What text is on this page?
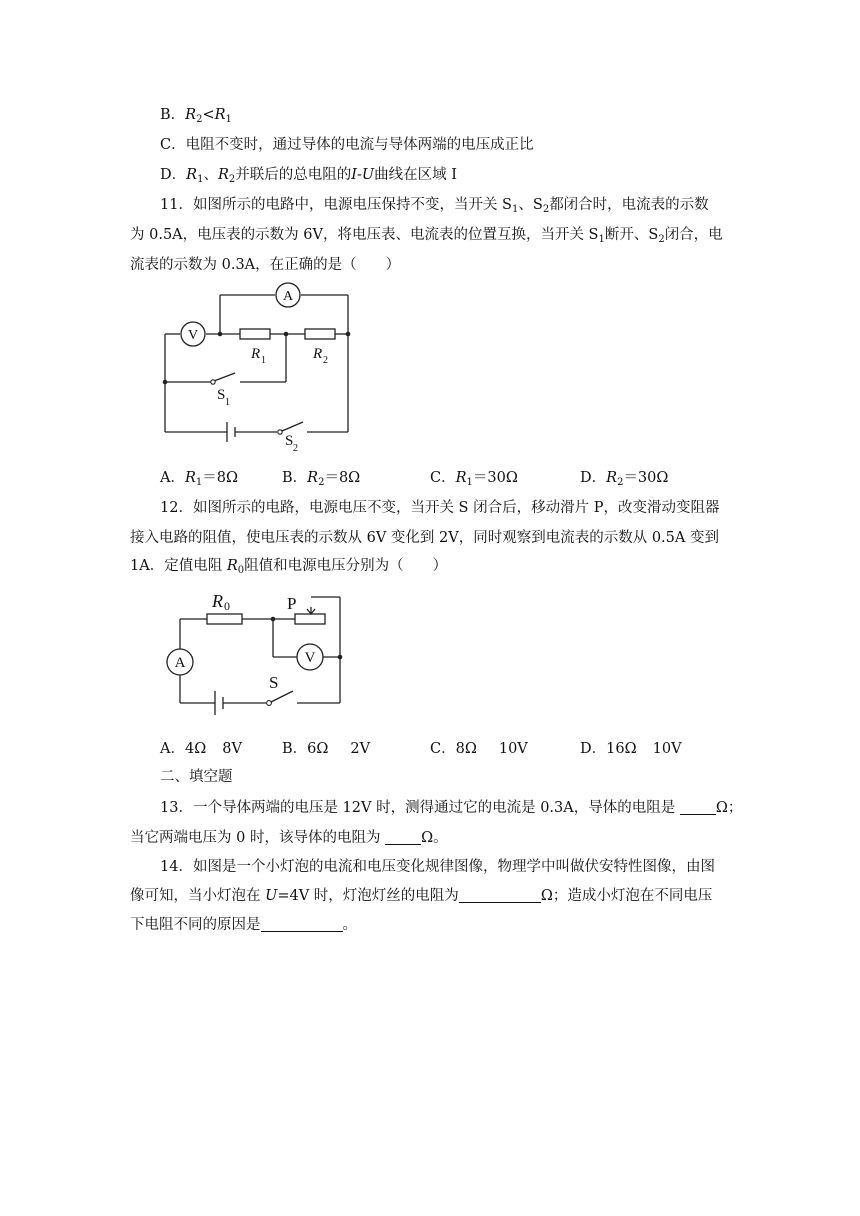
B．$R_2<R_1$
C．电阻不变时，通过导体的电流与导体两端的电压成正比
D．$R_1$、$R_2$并联后的总电阻的I-U曲线在区域 I
11．如图所示的电路中，电源电压保持不变，当开关 $S_1$、$S_2$都闭合时，电流表的示数
为 0.5A，电压表的示数为 6V，将电压表、电流表的位置互换，当开关 $S_1$断开、$S_2$闭合，电
流表的示数为 0.3A，在正确的是（　　）
A
V
R 1	R 2
S 1
S 2
A．$R_1=8\Omega$	B．$R_2=8\Omega$	C．$R_1=30\Omega$	D．$R_2=30\Omega$
12．如图所示的电路，电源电压不变，当开关 S 闭合后，移动滑片 P，改变滑动变阻器
接入电路的阻值，使电压表的示数从 6V 变化到 2V，同时观察到电流表的示数从 0.5A 变到
1A．定值电阻 $R_0$阻值和电源电压分别为（　　）
A	V
R 0	P
S
A．4Ω 8V	B．6Ω 2V	C．8Ω 10V	D．16Ω 10V
二、填空题
13．一个导体两端的电压是 12V 时，测得通过它的电流是 0.3A，导体的电阻是 Ω；
当它两端电压为 0 时，该导体的电阻为 Ω。
14．如图是一个小灯泡的电流和电压变化规律图像，物理学中叫做伏安特性图像，由图
像可知，当小灯泡在 U=4V 时，灯泡灯丝的电阻为	Ω；造成小灯泡在不同电压
下电阻不同的原因是	。
